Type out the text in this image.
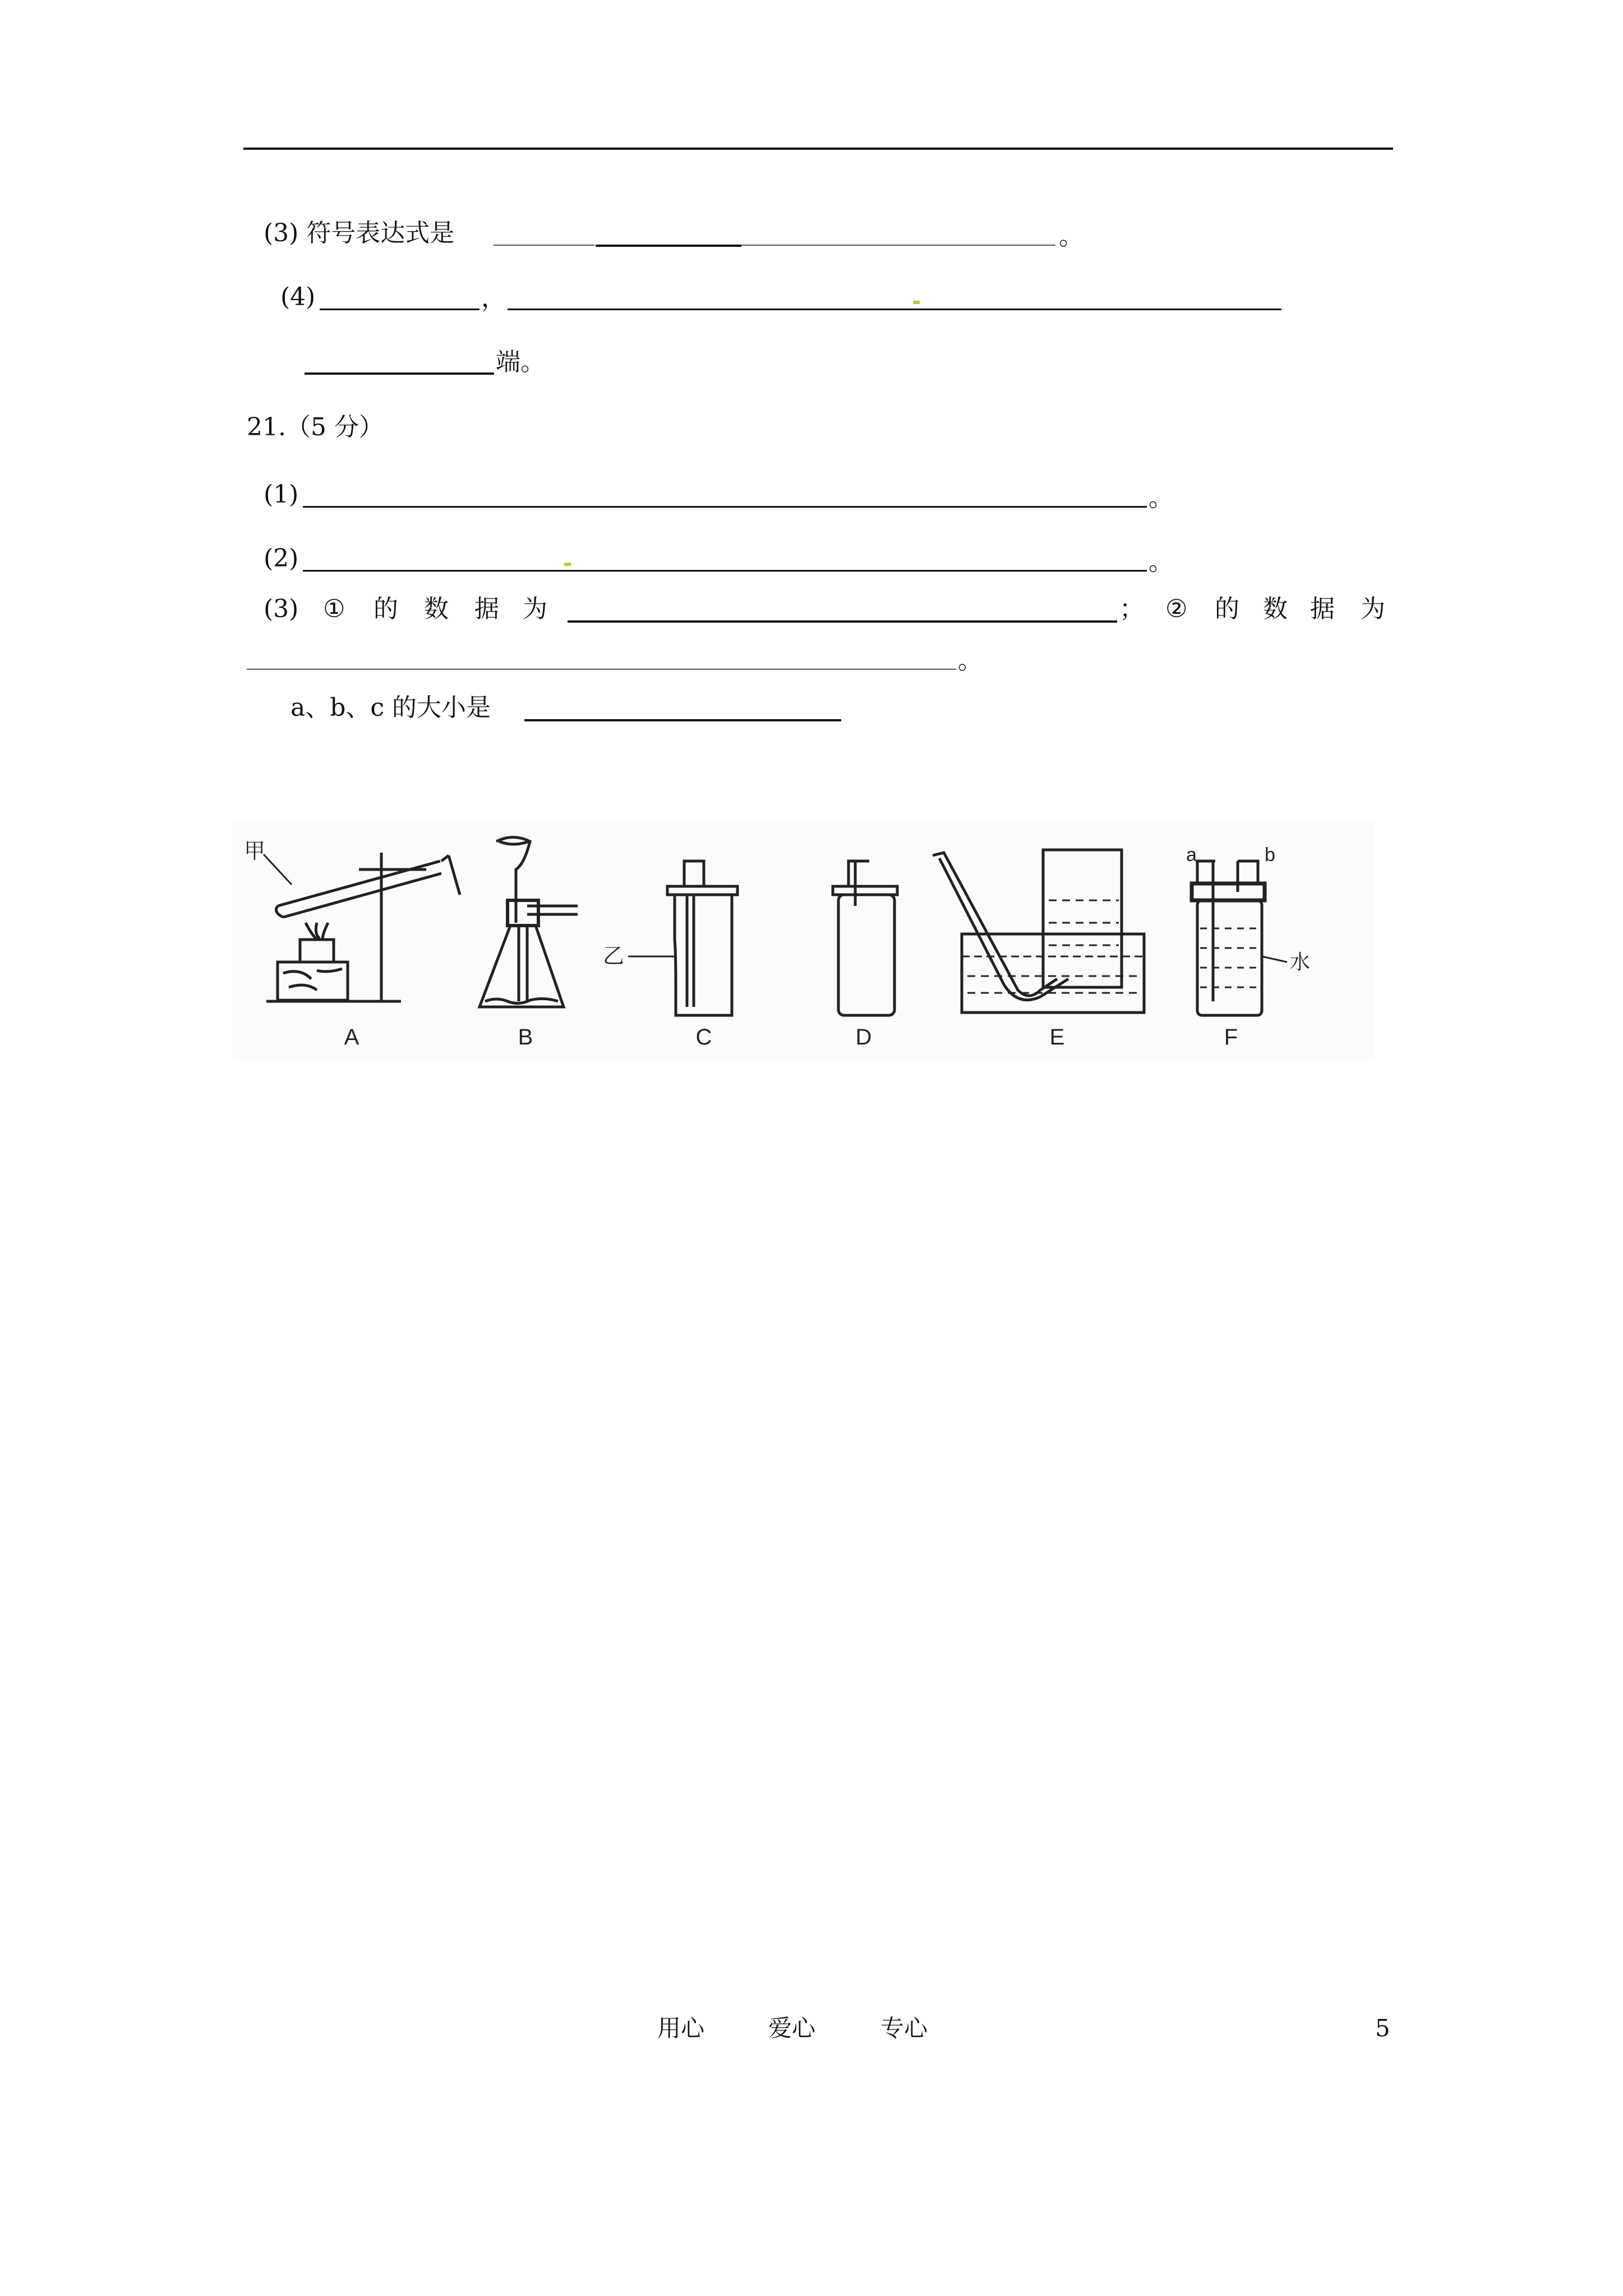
(3) 符号表达式是	。
(4)	，
端。
21.（5 分）
(1)	。
(2)	。
(3) ① 的 数 据 为	； ② 的 数 据 为
。
a、b、c 的大小是
甲
乙
a	b
水
A	B	C	D	E	F
用心	爱心	专心	5
